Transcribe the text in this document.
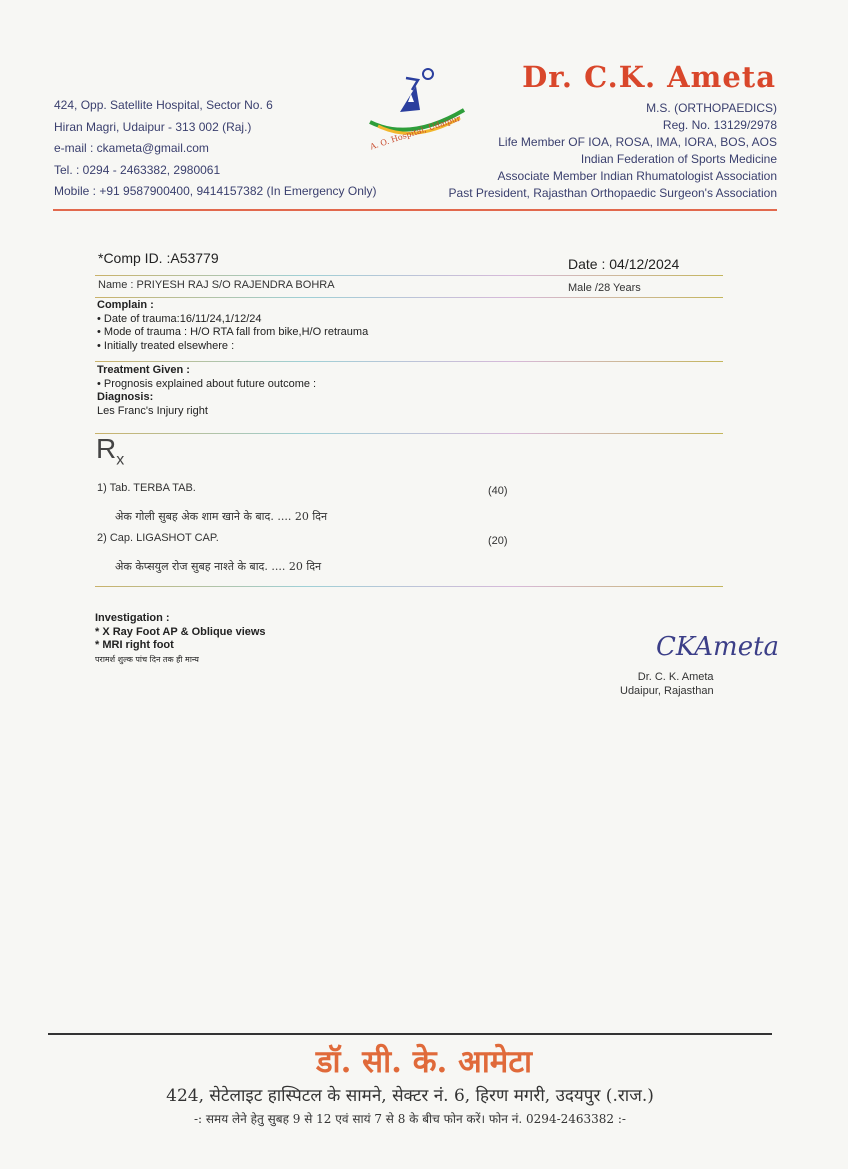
424, Opp. Satellite Hospital, Sector No. 6
Hiran Magri, Udaipur - 313 002 (Raj.)
e-mail : ckameta@gmail.com
Tel. : 0294 - 2463382, 2980061
Mobile : +91 9587900400, 9414157382 (In Emergency Only)
A. O. Hospital, Udaipur
Dr. C.K. Ameta
M.S. (ORTHOPAEDICS)
Reg. No. 13129/2978
Life Member OF IOA, ROSA, IMA, IORA, BOS, AOS
Indian Federation of Sports Medicine
Associate Member Indian Rhumatologist Association
Past President, Rajasthan Orthopaedic Surgeon's Association
*Comp ID. :A53779	Date : 04/12/2024
Name : PRIYESH RAJ S/O RAJENDRA BOHRA	Male /28 Years
Complain :
• Date of trauma:16/11/24,1/12/24
• Mode of trauma : H/O RTA fall from bike,H/O retrauma
• Initially treated elsewhere :
Treatment Given :
• Prognosis explained about future outcome :
Diagnosis:
Les Franc's Injury right
$R_x$
1) Tab. TERBA TAB.	(40)
अेक गोली सुबह अेक शाम खाने के बाद. .... 20 दिन
2) Cap. LIGASHOT CAP.	(20)
अेक केप्सयुल रोज सुबह नाश्ते के बाद. .... 20 दिन
Investigation :
* X Ray Foot AP & Oblique views
* MRI right foot
परामर्श शुल्क पांच दिन तक ही मान्य	CKAmeta
Dr. C. K. Ameta
Udaipur, Rajasthan
डॉ. सी. के. आमेटा
424, सेटेलाइट हास्पिटल के सामने, सेक्टर नं. 6, हिरण मगरी, उदयपुर (.राज.)
-: समय लेने हेतु सुबह 9 से 12 एवं सायं 7 से 8 के बीच फोन करें। फोन नं. 0294-2463382 :-
